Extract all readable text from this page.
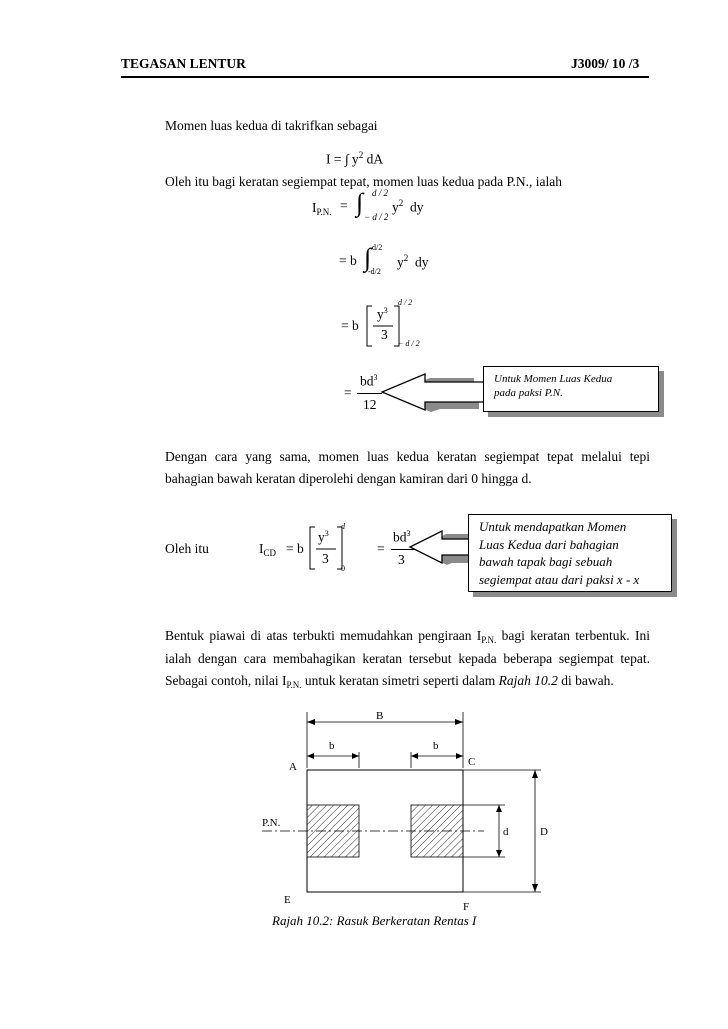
TEGASAN LENTUR	J3009/ 10 /3
Momen luas kedua di takrifkan sebagai
I = ∫ $y^2$ dA
Oleh itu bagi keratan segiempat tepat, momen luas kedua pada P.N., ialah
$I_{P.N.}$ = ∫ d / 2
− d / 2
$y^2$ dy
= b ∫ d/2
-d/2
$y^2$ dy
= b
$y^3$
3
d / 2
− d / 2
=
$bd^3$
12
Untuk Momen Luas Kedua
pada paksi P.N.
Dengan cara yang sama, momen luas kedua keratan segiempat tepat melalui tepi bahagian bawah keratan diperolehi dengan kamiran dari 0 hingga d.
Oleh itu	$I_{CD} = b$
$y^3$
3
d
0
=
$bd^3$
3
Untuk mendapatkan Momen
Luas Kedua dari bahagian
bawah tapak bagi sebuah
segiempat atau dari paksi x - x
Bentuk piawai di atas terbukti memudahkan pengiraan $I_{P.N.}$ bagi keratan terbentuk. Ini ialah dengan cara membahagikan keratan tersebut kepada beberapa segiempat tepat. Sebagai contoh, nilai $I_{P.N.}$ untuk keratan simetri seperti dalam Rajah 10.2 di bawah.
B
b	b
A	C
P.N.
d	D
E
F
Rajah 10.2: Rasuk Berkeratan Rentas I
